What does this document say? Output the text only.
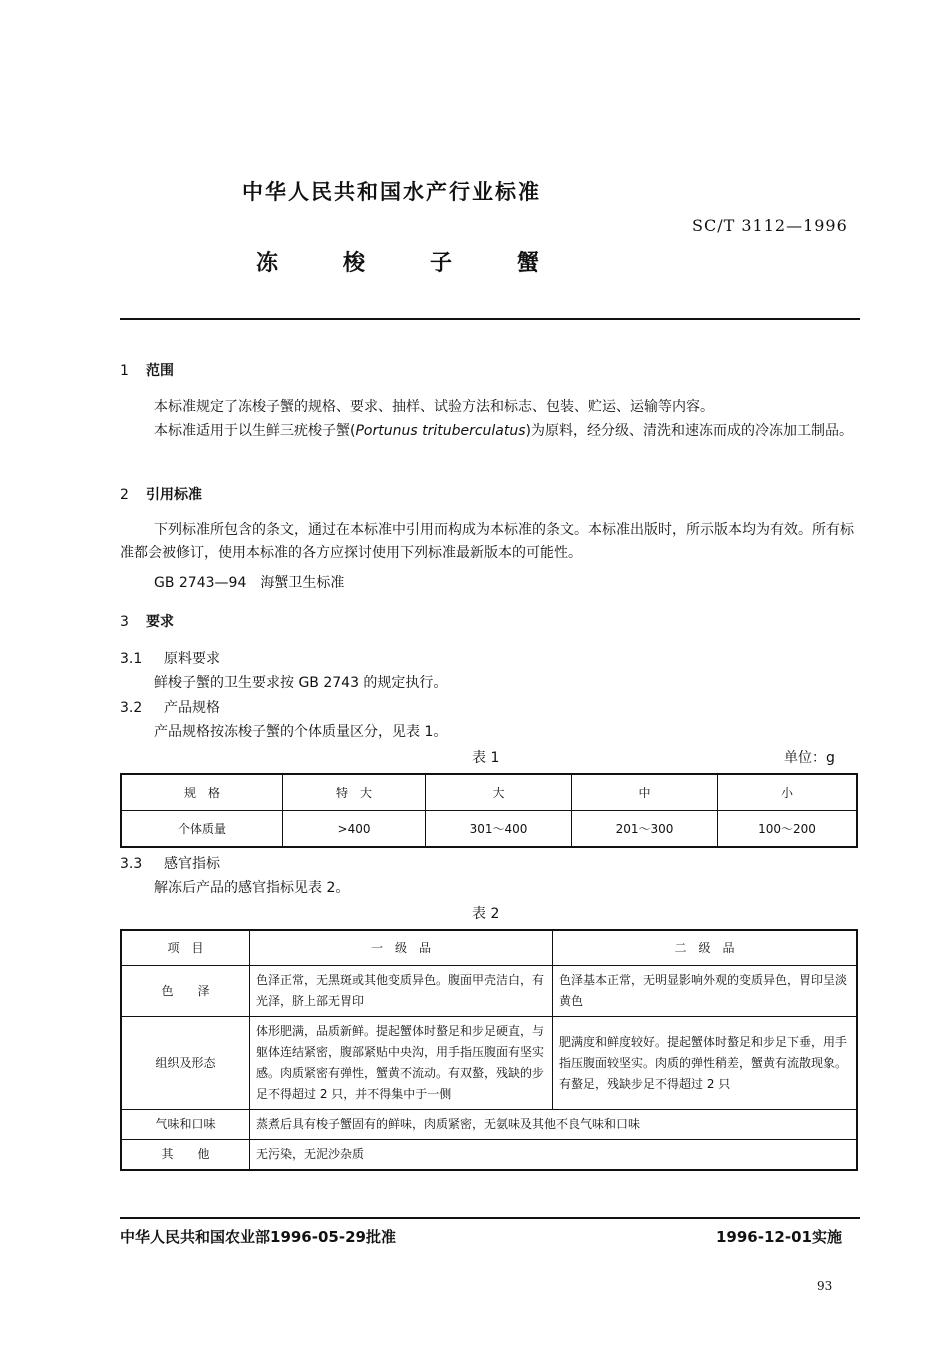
中华人民共和国水产行业标准
SC/T 3112—1996
冻	梭	子	蟹
1 范围
本标准规定了冻梭子蟹的规格、要求、抽样、试验方法和标志、包装、贮运、运输等内容。
本标准适用于以生鲜三疣梭子蟹(Portunus trituberculatus)为原料，经分级、清洗和速冻而成的冷冻加工制品。
2 引用标准
下列标准所包含的条文，通过在本标准中引用而构成为本标准的条文。本标准出版时，所示版本均为有效。所有标准都会被修订，使用本标准的各方应探讨使用下列标准最新版本的可能性。
GB 2743—94　海蟹卫生标准
3 要求
3.1 原料要求
鲜梭子蟹的卫生要求按 GB 2743 的规定执行。
3.2 产品规格
产品规格按冻梭子蟹的个体质量区分，见表 1。
表 1	单位：g
规　格	特　大	大	中	小
个体质量	>400	301～400	201～300	100～200
3.3 感官指标
解冻后产品的感官指标见表 2。
表 2
项　目	一　级　品	二　级　品
色　　泽	色泽正常，无黑斑或其他变质异色。腹面甲壳洁白，有光泽，脐上部无胃印	色泽基本正常，无明显影响外观的变质异色，胃印呈淡黄色
组织及形态	体形肥满，品质新鲜。提起蟹体时螯足和步足硬直，与躯体连结紧密，腹部紧贴中央沟，用手指压腹面有坚实感。肉质紧密有弹性，蟹黄不流动。有双螯，残缺的步足不得超过 2 只，并不得集中于一侧	肥满度和鲜度较好。提起蟹体时螯足和步足下垂，用手指压腹面较坚实。肉质的弹性稍差，蟹黄有流散现象。有螯足，残缺步足不得超过 2 只
气味和口味	蒸煮后具有梭子蟹固有的鲜味，肉质紧密，无氨味及其他不良气味和口味	
其　　他	无污染，无泥沙杂质	
中华人民共和国农业部1996-05-29批准	1996-12-01实施
93
